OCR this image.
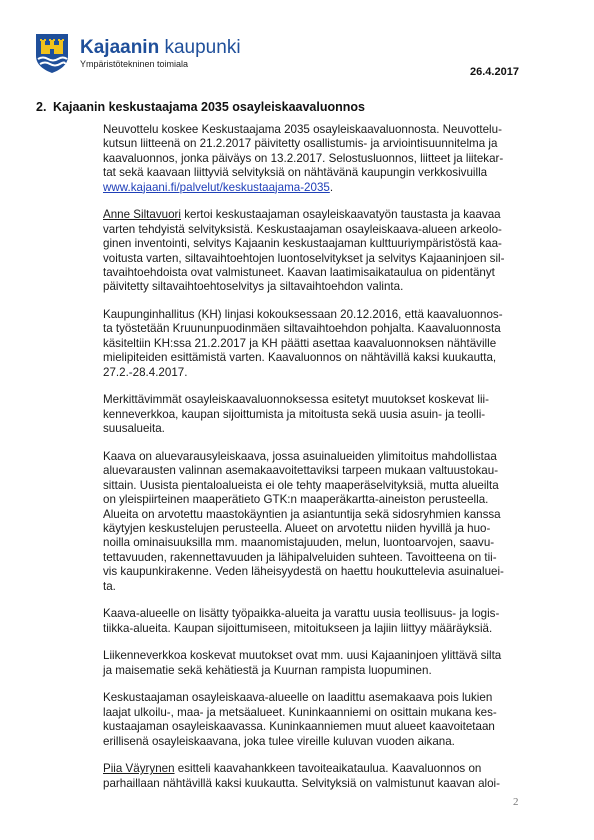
Kajaanin kaupunki
Ympäristötekninen toimiala
26.4.2017
2. Kajaanin keskustaajama 2035 osayleiskaavaluonnos

Neuvottelu koskee Keskustaajama 2035 osayleiskaavaluonnosta. Neuvottelu-
kutsun liitteenä on 21.2.2017 päivitetty osallistumis- ja arviointisuunnitelma ja
kaavaluonnos, jonka päiväys on 13.2.2017. Selostusluonnos, liitteet ja liitekar-
tat sekä kaavaan liittyviä selvityksiä on nähtävänä kaupungin verkkosivuilla
www.kajaani.fi/palvelut/keskustaajama-2035.

Anne Siltavuori kertoi keskustaajaman osayleiskaavatyön taustasta ja kaavaa
varten tehdyistä selvityksistä. Keskustaajaman osayleiskaava-alueen arkeolo-
ginen inventointi, selvitys Kajaanin keskustaajaman kulttuuriympäristöstä kaa-
voitusta varten, siltavaihtoehtojen luontoselvitykset ja selvitys Kajaaninjoen sil-
tavaihtoehdoista ovat valmistuneet. Kaavan laatimisaikataulua on pidentänyt
päivitetty siltavaihtoehtoselvitys ja siltavaihtoehdon valinta.

Kaupunginhallitus (KH) linjasi kokouksessaan 20.12.2016, että kaavaluonnos-
ta työstetään Kruununpuodinmäen siltavaihtoehdon pohjalta. Kaavaluonnosta
käsiteltiin KH:ssa 21.2.2017 ja KH päätti asettaa kaavaluonnoksen nähtäville
mielipiteiden esittämistä varten. Kaavaluonnos on nähtävillä kaksi kuukautta,
27.2.-28.4.2017.

Merkittävimmät osayleiskaavaluonnoksessa esitetyt muutokset koskevat lii-
kenneverkkoa, kaupan sijoittumista ja mitoitusta sekä uusia asuin- ja teolli-
suusalueita.

Kaava on aluevarausyleiskaava, jossa asuinalueiden ylimitoitus mahdollistaa
aluevarausten valinnan asemakaavoitettaviksi tarpeen mukaan valtuustokau-
sittain. Uusista pientaloalueista ei ole tehty maaperäselvityksiä, mutta alueilta
on yleispiirteinen maaperätieto GTK:n maaperäkartta-aineiston perusteella.
Alueita on arvotettu maastokäyntien ja asiantuntija sekä sidosryhmien kanssa
käytyjen keskustelujen perusteella. Alueet on arvotettu niiden hyvillä ja huo-
noilla ominaisuuksilla mm. maanomistajuuden, melun, luontoarvojen, saavu-
tettavuuden, rakennettavuuden ja lähipalveluiden suhteen. Tavoitteena on tii-
vis kaupunkirakenne. Veden läheisyydestä on haettu houkuttelevia asuinaluei-
ta.

Kaava-alueelle on lisätty työpaikka-alueita ja varattu uusia teollisuus- ja logis-
tiikka-alueita. Kaupan sijoittumiseen, mitoitukseen ja lajiin liittyy määräyksiä.

Liikenneverkkoa koskevat muutokset ovat mm. uusi Kajaaninjoen ylittävä silta
ja maisematie sekä kehätiestä ja Kuurnan rampista luopuminen.

Keskustaajaman osayleiskaava-alueelle on laadittu asemakaava pois lukien
laajat ulkoilu-, maa- ja metsäalueet. Kuninkaanniemi on osittain mukana kes-
kustaajaman osayleiskaavassa. Kuninkaanniemen muut alueet kaavoitetaan
erillisenä osayleiskaavana, joka tulee vireille kuluvan vuoden aikana.

Piia Väyrynen esitteli kaavahankkeen tavoiteaikataulua. Kaavaluonnos on
parhaillaan nähtävillä kaksi kuukautta. Selvityksiä on valmistunut kaavan aloi-

2
